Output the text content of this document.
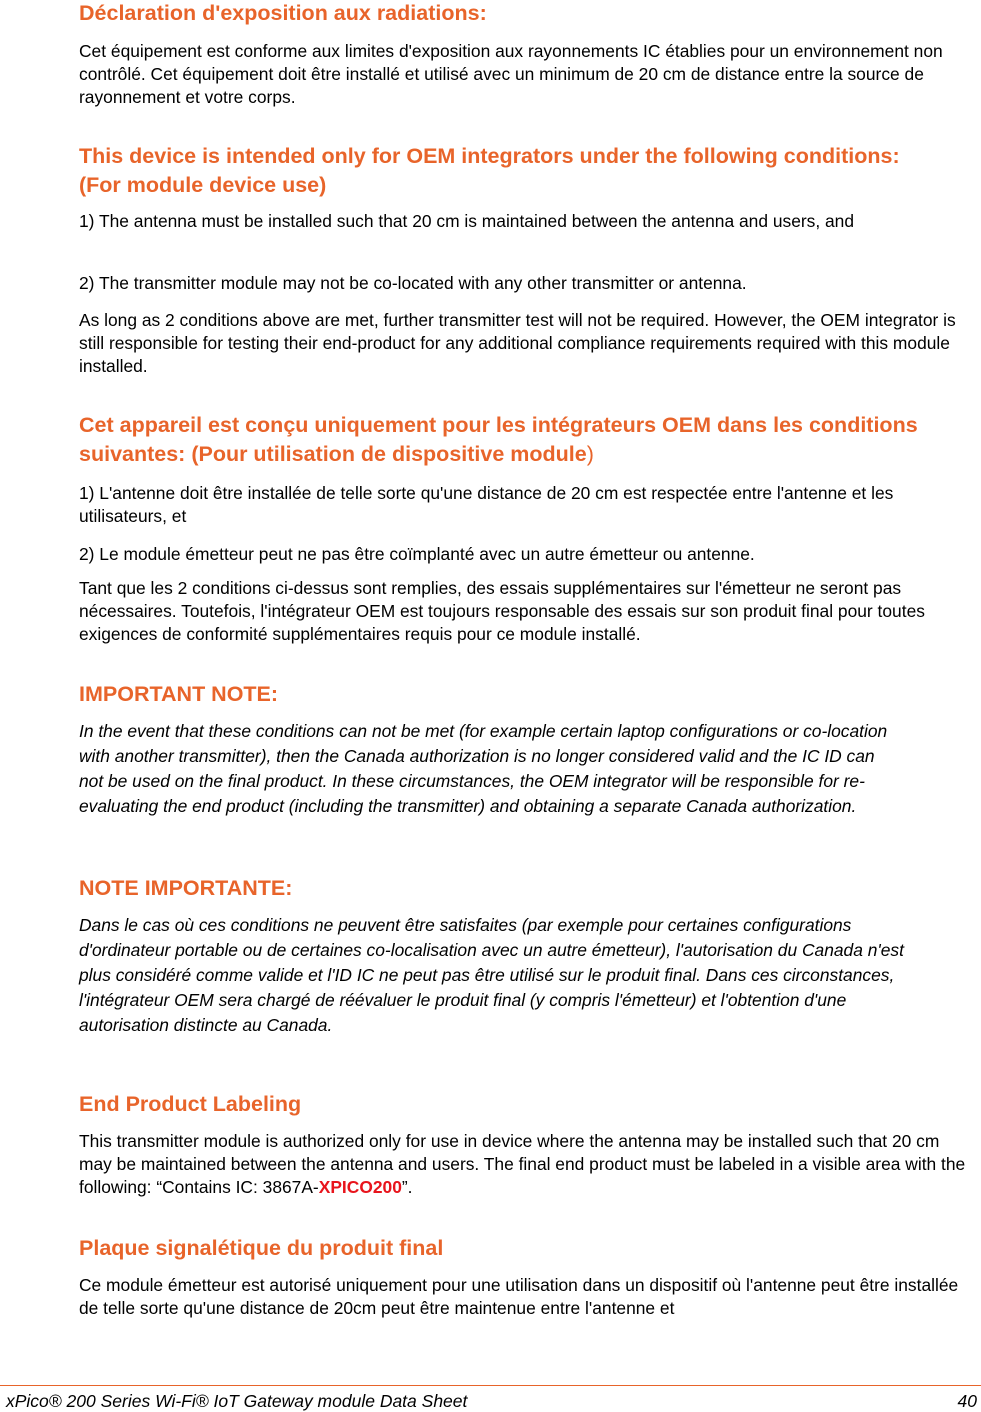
Déclaration d'exposition aux radiations:

Cet équipement est conforme aux limites d'exposition aux rayonnements IC établies pour un environnement non contrôlé. Cet équipement doit être installé et utilisé avec un minimum de 20 cm de distance entre la source de rayonnement et votre corps.

This device is intended only for OEM integrators under the following conditions: (For module device use)

1) The antenna must be installed such that 20 cm is maintained between the antenna and users, and

2) The transmitter module may not be co-located with any other transmitter or antenna.

As long as 2 conditions above are met, further transmitter test will not be required. However, the OEM integrator is still responsible for testing their end-product for any additional compliance requirements required with this module installed.

Cet appareil est conçu uniquement pour les intégrateurs OEM dans les conditions suivantes: (Pour utilisation de dispositive module)

1) L'antenne doit être installée de telle sorte qu'une distance de 20 cm est respectée entre l'antenne et les utilisateurs, et

2) Le module émetteur peut ne pas être coïmplanté avec un autre émetteur ou antenne.

Tant que les 2 conditions ci-dessus sont remplies, des essais supplémentaires sur l'émetteur ne seront pas nécessaires. Toutefois, l'intégrateur OEM est toujours responsable des essais sur son produit final pour toutes exigences de conformité supplémentaires requis pour ce module installé.

IMPORTANT NOTE:

In the event that these conditions can not be met (for example certain laptop configurations or co-location with another transmitter), then the Canada authorization is no longer considered valid and the IC ID can not be used on the final product. In these circumstances, the OEM integrator will be responsible for re-evaluating the end product (including the transmitter) and obtaining a separate Canada authorization.

NOTE IMPORTANTE:

Dans le cas où ces conditions ne peuvent être satisfaites (par exemple pour certaines configurations d'ordinateur portable ou de certaines co-localisation avec un autre émetteur), l'autorisation du Canada n'est plus considéré comme valide et l'ID IC ne peut pas être utilisé sur le produit final. Dans ces circonstances, l'intégrateur OEM sera chargé de réévaluer le produit final (y compris l'émetteur) et l'obtention d'une autorisation distincte au Canada.

End Product Labeling

This transmitter module is authorized only for use in device where the antenna may be installed such that 20 cm may be maintained between the antenna and users. The final end product must be labeled in a visible area with the following: “Contains IC: 3867A-XPICO200”.

Plaque signalétique du produit final

Ce module émetteur est autorisé uniquement pour une utilisation dans un dispositif où l'antenne peut être installée de telle sorte qu'une distance de 20cm peut être maintenue entre l'antenne et

xPico® 200 Series Wi-Fi® IoT Gateway module Data Sheet	40
